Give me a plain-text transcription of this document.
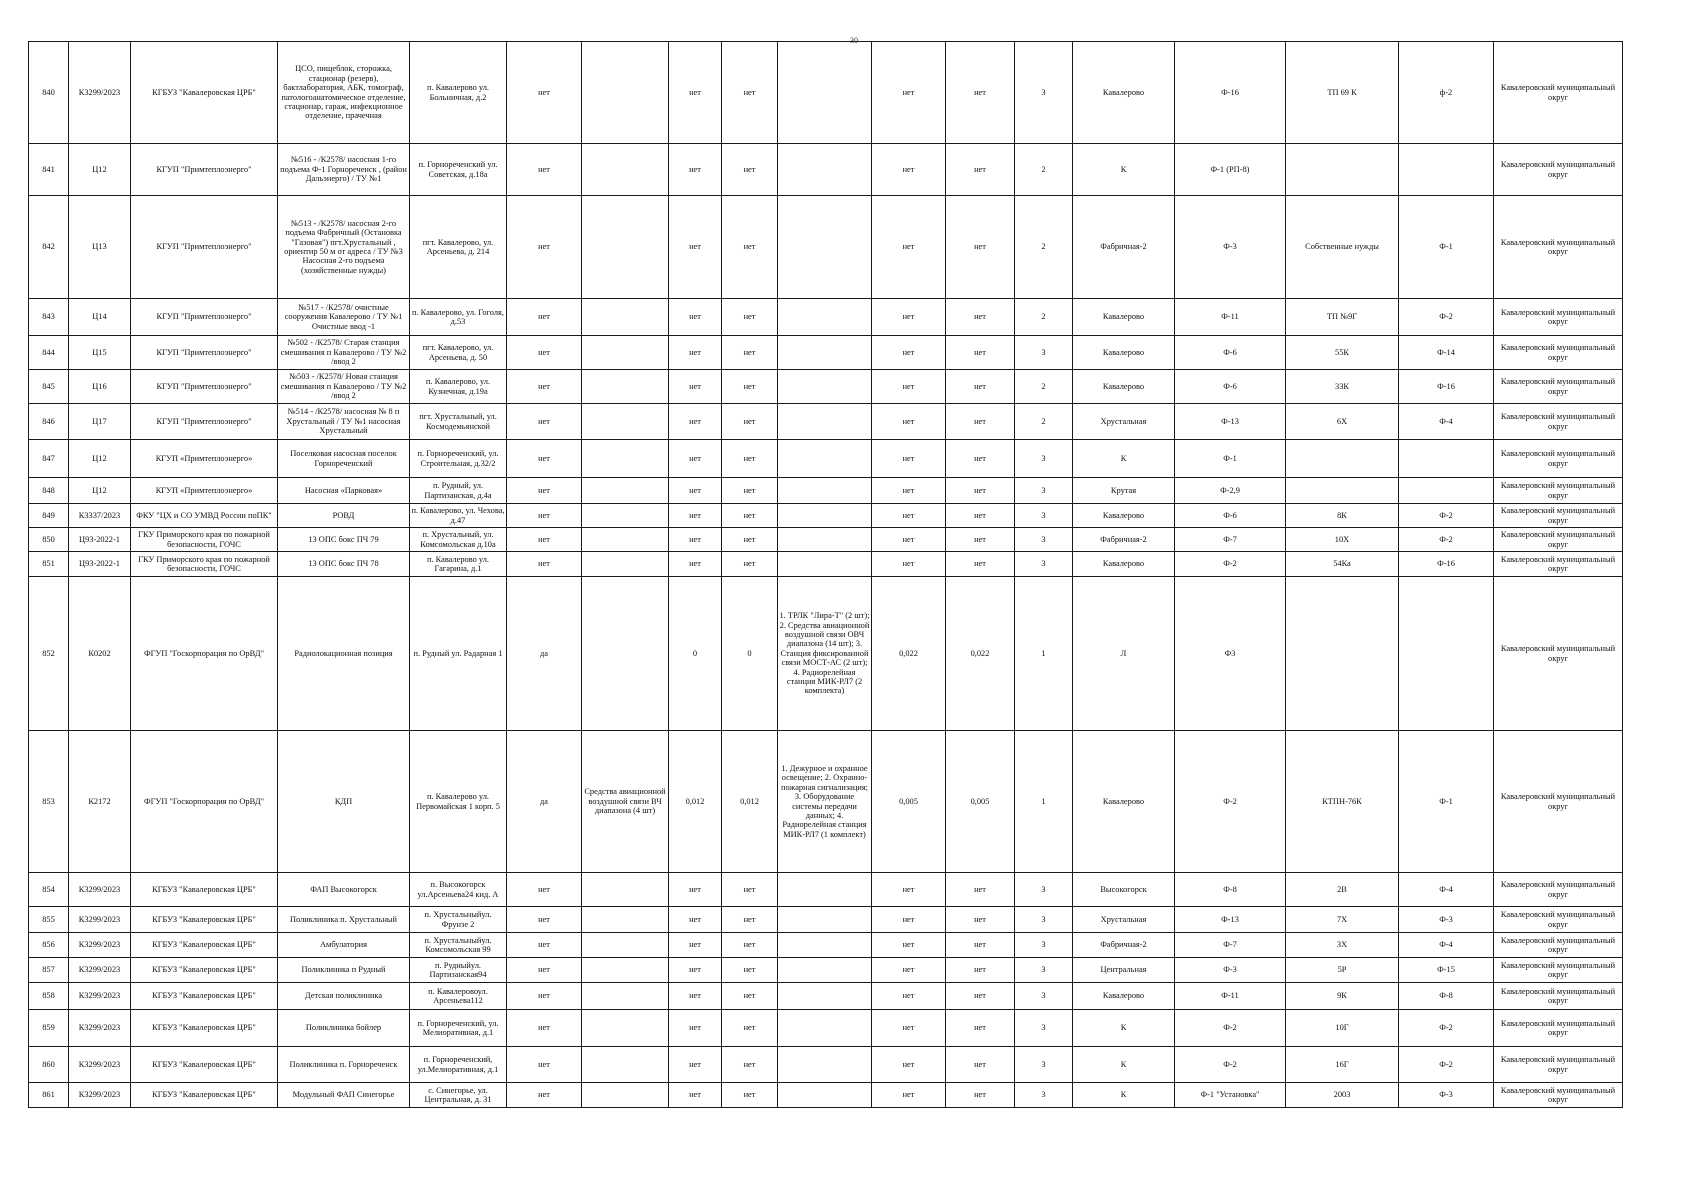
30
840	К3299/2023	КГБУЗ "Кавалеровская ЦРБ"	ЦСО, пищеблок, сторожка, стационар (резерв), бактлаборатория, АБК, томограф, патологоанатомическое отделение, стационар, гараж, инфекционное отделение, прачечная	п. Кавалерово ул. Больничная, д.2	нет		нет	нет		нет	нет	3	Кавалерово	Ф-16	ТП 69 К	ф-2	Кавалеровский муниципальный округ
841	Ц12	КГУП "Примтеплоэнерго"	№516 - /К2578/ насосная 1-го подъема Ф-1 Горнореченск , (район Дальэнерго) / ТУ №1	п. Горнореченский ул. Советская, д.18а	нет		нет	нет		нет	нет	2	К	Ф-1 (РП-8)			Кавалеровский муниципальный округ
842	Ц13	КГУП "Примтеплоэнерго"	№513 - /К2578/ насосная 2-го подъема Фабричный (Остановка "Газовая") пгт.Хрустальный , ориентир 50 м от адреса / ТУ №3 Насосная 2-го подъема (хозяйственные нужды)	пгт. Кавалерово, ул. Арсеньева, д. 214	нет		нет	нет		нет	нет	2	Фабричная-2	Ф-3	Собственные нужды	Ф-1	Кавалеровский муниципальный округ
843	Ц14	КГУП "Примтеплоэнерго"	№517 - /К2578/ очистные сооружения Кавалерово / ТУ №1 Очистные ввод -1	п. Кавалерово, ул. Гоголя, д.53	нет		нет	нет		нет	нет	2	Кавалерово	Ф-11	ТП №9Г	Ф-2	Кавалеровский муниципальный округ
844	Ц15	КГУП "Примтеплоэнерго"	№502 - /К2578/ Старая станция смешивания п Кавалерово / ТУ №2 /ввод 2	пгт. Кавалерово, ул. Арсеньева, д. 50	нет		нет	нет		нет	нет	3	Кавалерово	Ф-6	55К	Ф-14	Кавалеровский муниципальный округ
845	Ц16	КГУП "Примтеплоэнерго"	№503 - /К2578/ Новая станция смешивания п Кавалерово / ТУ №2 /ввод 2	п. Кавалерово, ул. Кузнечная, д.19а	нет		нет	нет		нет	нет	2	Кавалерово	Ф-6	33К	Ф-16	Кавалеровский муниципальный округ
846	Ц17	КГУП "Примтеплоэнерго"	№514 - /К2578/ насосная № 8 п Хрустальный / ТУ №1 насосная Хрустальный	пгт. Хрустальный, ул. Космодемьянской	нет		нет	нет		нет	нет	2	Хрустальная	Ф-13	6Х	Ф-4	Кавалеровский муниципальный округ
847	Ц12	КГУП «Примтеплоэнерго»	Поселковая насосная поселок Горнореченский	п. Горнореченский, ул. Строительная, д.32/2	нет		нет	нет		нет	нет	3	К	Ф-1			Кавалеровский муниципальный округ
848	Ц12	КГУП «Примтеплоэнерго»	Насосная «Парковая»	п. Рудный, ул. Партизанская, д.4а	нет		нет	нет		нет	нет	3	Крутая	Ф-2,9			Кавалеровский муниципальный округ
849	К3337/2023	ФКУ "ЦХ и СО УМВД России поПК"	РОВД	п. Кавалерово, ул. Чехова, д.47	нет		нет	нет		нет	нет	3	Кавалерово	Ф-6	8К	Ф-2	Кавалеровский муниципальный округ
850	Ц93-2022-1	ГКУ Приморского края по пожарной безопасности, ГОЧС	13 ОПС бокс ПЧ 79	п. Хрустальный, ул. Комсомольская д.10а	нет		нет	нет		нет	нет	3	Фабричная-2	Ф-7	10Х	Ф-2	Кавалеровский муниципальный округ
851	Ц93-2022-1	ГКУ Приморского края по пожарной безопасности, ГОЧС	13 ОПС бокс ПЧ 78	п. Кавалерово ул. Гагарина, д.1	нет		нет	нет		нет	нет	3	Кавалерово	Ф-2	54Ка	Ф-16	Кавалеровский муниципальный округ
852	К0202	ФГУП "Госкорпорация по ОрВД"	Радиолокационная позиция	п. Рудный ул. Радарная 1	да		0	0	1. ТРЛК "Лира-Т" (2 шт); 2. Средства авиационной воздушной связи ОВЧ диапазона (14 шт); 3. Станция фиксированной связи МОСТ-АС (2 шт); 4. Радиорелейная станция МИК-РЛ7 (2 комплекта)	0,022	0,022	1	Л	Ф3			Кавалеровский муниципальный округ
853	К2172	ФГУП "Госкорпорация по ОрВД"	КДП	п. Кавалерово ул. Первомайская 1 корп. 5	да	Средства авиационной воздушной связи ВЧ диапазона (4 шт)	0,012	0,012	1. Дежурное и охранное освещение; 2. Охранно-пожарная сигнализация; 3. Оборудование системы передачи данных; 4. Радиорелейная станция МИК-РЛ7 (1 комплект)	0,005	0,005	1	Кавалерово	Ф-2	КТПН-76К	Ф-1	Кавалеровский муниципальный округ
854	К3299/2023	КГБУЗ "Кавалеровская ЦРБ"	ФАП Высокогорск	п. Высокогорск ул.Арсеньева24 кид. А	нет		нет	нет		нет	нет	3	Высокогорск	Ф-8	2В	Ф-4	Кавалеровский муниципальный округ
855	К3299/2023	КГБУЗ "Кавалеровская ЦРБ"	Поликлиника п. Хрустальный	п. Хрустальныйул. Фрунзе 2	нет		нет	нет		нет	нет	3	Хрустальная	Ф-13	7Х	Ф-3	Кавалеровский муниципальный округ
856	К3299/2023	КГБУЗ "Кавалеровская ЦРБ"	Амбулатория	п. Хрустальныйул. Комсомольская 99	нет		нет	нет		нет	нет	3	Фабричная-2	Ф-7	3Х	Ф-4	Кавалеровский муниципальный округ
857	К3299/2023	КГБУЗ "Кавалеровская ЦРБ"	Поликлиника п Рудный	п. Рудныйул. Партизанская94	нет		нет	нет		нет	нет	3	Центральная	Ф-3	5Р	Ф-15	Кавалеровский муниципальный округ
858	К3299/2023	КГБУЗ "Кавалеровская ЦРБ"	Детская поликлиника	п. Кавалеровоул. Арсеньева112	нет		нет	нет		нет	нет	3	Кавалерово	Ф-11	9К	Ф-8	Кавалеровский муниципальный округ
859	К3299/2023	КГБУЗ "Кавалеровская ЦРБ"	Поликлиника бойлер	п. Горнореченский, ул. Мелиоративная, д.1	нет		нет	нет		нет	нет	3	К	Ф-2	10Г	Ф-2	Кавалеровский муниципальный округ
860	К3299/2023	КГБУЗ "Кавалеровская ЦРБ"	Поликлиника п. Горнореченск	п. Горнореченский, ул.Мелиоративная, д.1	нет		нет	нет		нет	нет	3	К	Ф-2	16Г	Ф-2	Кавалеровский муниципальный округ
861	К3299/2023	КГБУЗ "Кавалеровская ЦРБ"	Модульный ФАП Синегорье	с. Синегорье, ул. Центральная, д. 31	нет		нет	нет		нет	нет	3	К	Ф-1 "Установка"	2003	Ф-3	Кавалеровский муниципальный округ
